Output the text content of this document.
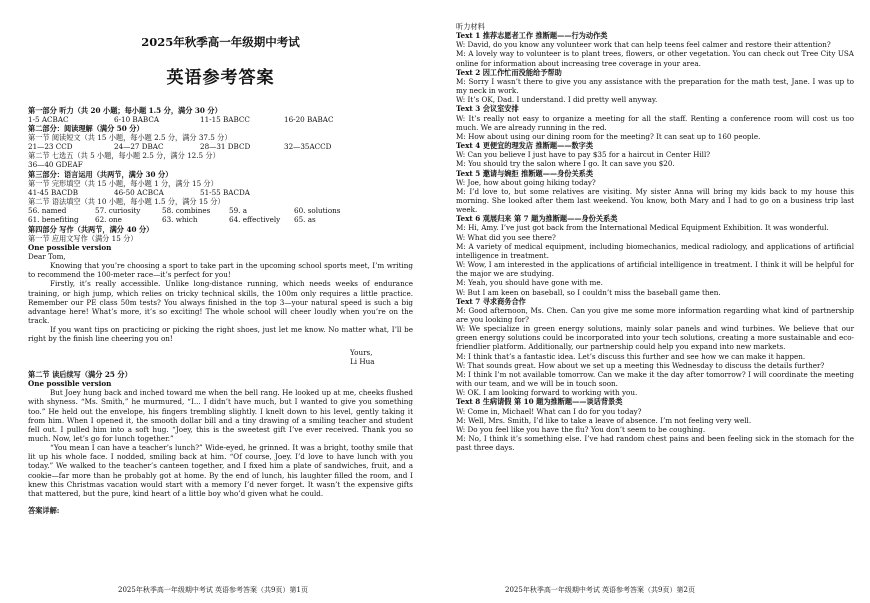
2025年秋季高一年级期中考试

英语参考答案

第一部分 听力（共 20 小题；每小题 1.5 分，满分 30 分）

1-5 ACBAC	6-10 BABCA	11-15 BABCC	16-20 BABAC

第二部分：阅读理解（满分 50 分）

第一节 阅读短文（共 15 小题，每小题 2.5 分，满分 37.5 分）

21—23 CCD	24—27 DBAC	28—31 DBCD	32—35ACCD

第二节 七选五（共 5 小题，每小题 2.5 分，满分 12.5 分）

36—40 GDEAF

第三部分：语言运用（共两节，满分 30 分）

第一节 完形填空（共 15 小题，每小题 1 分，满分 15 分）

41-45 BACDB	46-50 ACBCA	51-55 BACDA

第二节 语法填空（共 10 小题，每小题 1.5 分，满分 15 分）

56. named	57. curiosity	58. combines	59. a	60. solutions
61. benefiting	62. one	63. which	64. effectively	65. as

第四部分 写作（共两节，满分 40 分）

第一节 应用文写作（满分 15 分）

One possible version

Dear Tom,

Knowing that you’re choosing a sport to take part in the upcoming school sports meet, I’m writing to recommend the 100-meter race—it’s perfect for you!

Firstly, it’s really accessible. Unlike long-distance running, which needs weeks of endurance training, or high jump, which relies on tricky technical skills, the 100m only requires a little practice. Remember our PE class 50m tests? You always finished in the top 3—your natural speed is such a big advantage here! What’s more, it’s so exciting! The whole school will cheer loudly when you’re on the track.

If you want tips on practicing or picking the right shoes, just let me know. No matter what, I’ll be right by the finish line cheering you on!

Yours,

Li Hua

第二节 读后续写（满分 25 分）

One possible version

But Joey hung back and inched toward me when the bell rang. He looked up at me, cheeks flushed with shyness. “Ms. Smith,” he murmured, “I... I didn’t have much, but I wanted to give you something too.” He held out the envelope, his fingers trembling slightly. I knelt down to his level, gently taking it from him. When I opened it, the smooth dollar bill and a tiny drawing of a smiling teacher and student fell out. I pulled him into a soft hug. “Joey, this is the sweetest gift I’ve ever received. Thank you so much. Now, let’s go for lunch together.”

“You mean I can have a teacher’s lunch?” Wide-eyed, he grinned. It was a bright, toothy smile that lit up his whole face. I nodded, smiling back at him. “Of course, Joey. I’d love to have lunch with you today.” We walked to the teacher’s canteen together, and I fixed him a plate of sandwiches, fruit, and a cookie—far more than he probably got at home. By the end of lunch, his laughter filled the room, and I knew this Christmas vacation would start with a memory I’d never forget. It wasn’t the expensive gifts that mattered, but the pure, kind heart of a little boy who’d given what he could.

答案详解:

听力材料

Text 1 推荐志愿者工作 推断题——行为动作类

W: David, do you know any volunteer work that can help teens feel calmer and restore their attention?

M: A lovely way to volunteer is to plant trees, flowers, or other vegetation. You can check out Tree City USA online for information about increasing tree coverage in your area.

Text 2 因工作忙而没能给予帮助

M: Sorry I wasn’t there to give you any assistance with the preparation for the math test, Jane. I was up to my neck in work.

W: It’s OK, Dad. I understand. I did pretty well anyway.

Text 3 会议室安排

W: It’s really not easy to organize a meeting for all the staff. Renting a conference room will cost us too much. We are already running in the red.

M: How about using our dining room for the meeting? It can seat up to 160 people.

Text 4 更便宜的理发店 推断题——数字类

W: Can you believe I just have to pay $35 for a haircut in Center Hill?

M: You should try the salon where I go. It can save you $20.

Text 5 邀请与婉拒 推断题——身份关系类

W: Joe, how about going hiking today?

M: I’d love to, but some relatives are visiting. My sister Anna will bring my kids back to my house this morning. She looked after them last weekend. You know, both Mary and I had to go on a business trip last week.

Text 6 观展归来 第 7 题为推断题——身份关系类

M: Hi, Amy. I’ve just got back from the International Medical Equipment Exhibition. It was wonderful.

W: What did you see there?

M: A variety of medical equipment, including biomechanics, medical radiology, and applications of artificial intelligence in treatment.

W: Wow, I am interested in the applications of artificial intelligence in treatment. I think it will be helpful for the major we are studying.

M: Yeah, you should have gone with me.

W: But I am keen on baseball, so I couldn’t miss the baseball game then.

Text 7 寻求商务合作

M: Good afternoon, Ms. Chen. Can you give me some more information regarding what kind of partnership are you looking for?

W: We specialize in green energy solutions, mainly solar panels and wind turbines. We believe that our green energy solutions could be incorporated into your tech solutions, creating a more sustainable and eco-friendlier platform. Additionally, our partnership could help you expand into new markets.

M: I think that’s a fantastic idea. Let’s discuss this further and see how we can make it happen.

W: That sounds great. How about we set up a meeting this Wednesday to discuss the details further?

M: I think I’m not available tomorrow. Can we make it the day after tomorrow? I will coordinate the meeting with our team, and we will be in touch soon.

W: OK. I am looking forward to working with you.

Text 8 生病请假 第 10 题为推断题——谈话背景类

W: Come in, Michael! What can I do for you today?

M: Well, Mrs. Smith, I’d like to take a leave of absence. I’m not feeling very well.

W: Do you feel like you have the flu? You don’t seem to be coughing.

M: No, I think it’s something else. I’ve had random chest pains and been feeling sick in the stomach for the past three days.

2025年秋季高一年级期中考试 英语参考答案（共9页）第1页	2025年秋季高一年级期中考试 英语参考答案（共9页）第2页
